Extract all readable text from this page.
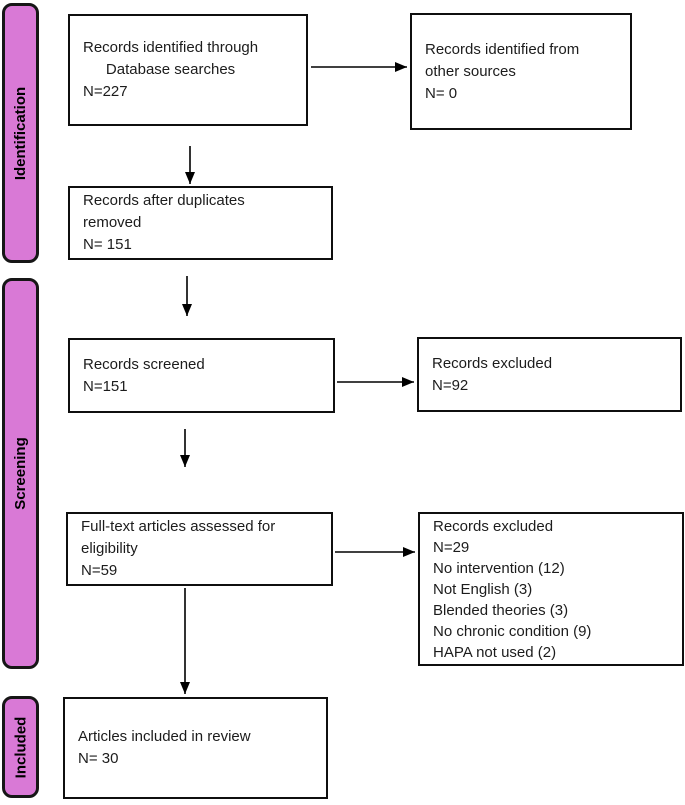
Identification
Screening
Included
Records identified through
Database searches
N=227
Records identified from
other sources
N= 0
Records after duplicates
removed
N= 151
Records screened
N=151
Records excluded
N=92
Full-text articles assessed for
eligibility
N=59
Records excluded
N=29
No intervention (12)
Not English (3)
Blended theories (3)
No chronic condition (9)
HAPA not used (2)
Articles included in review
N= 30
